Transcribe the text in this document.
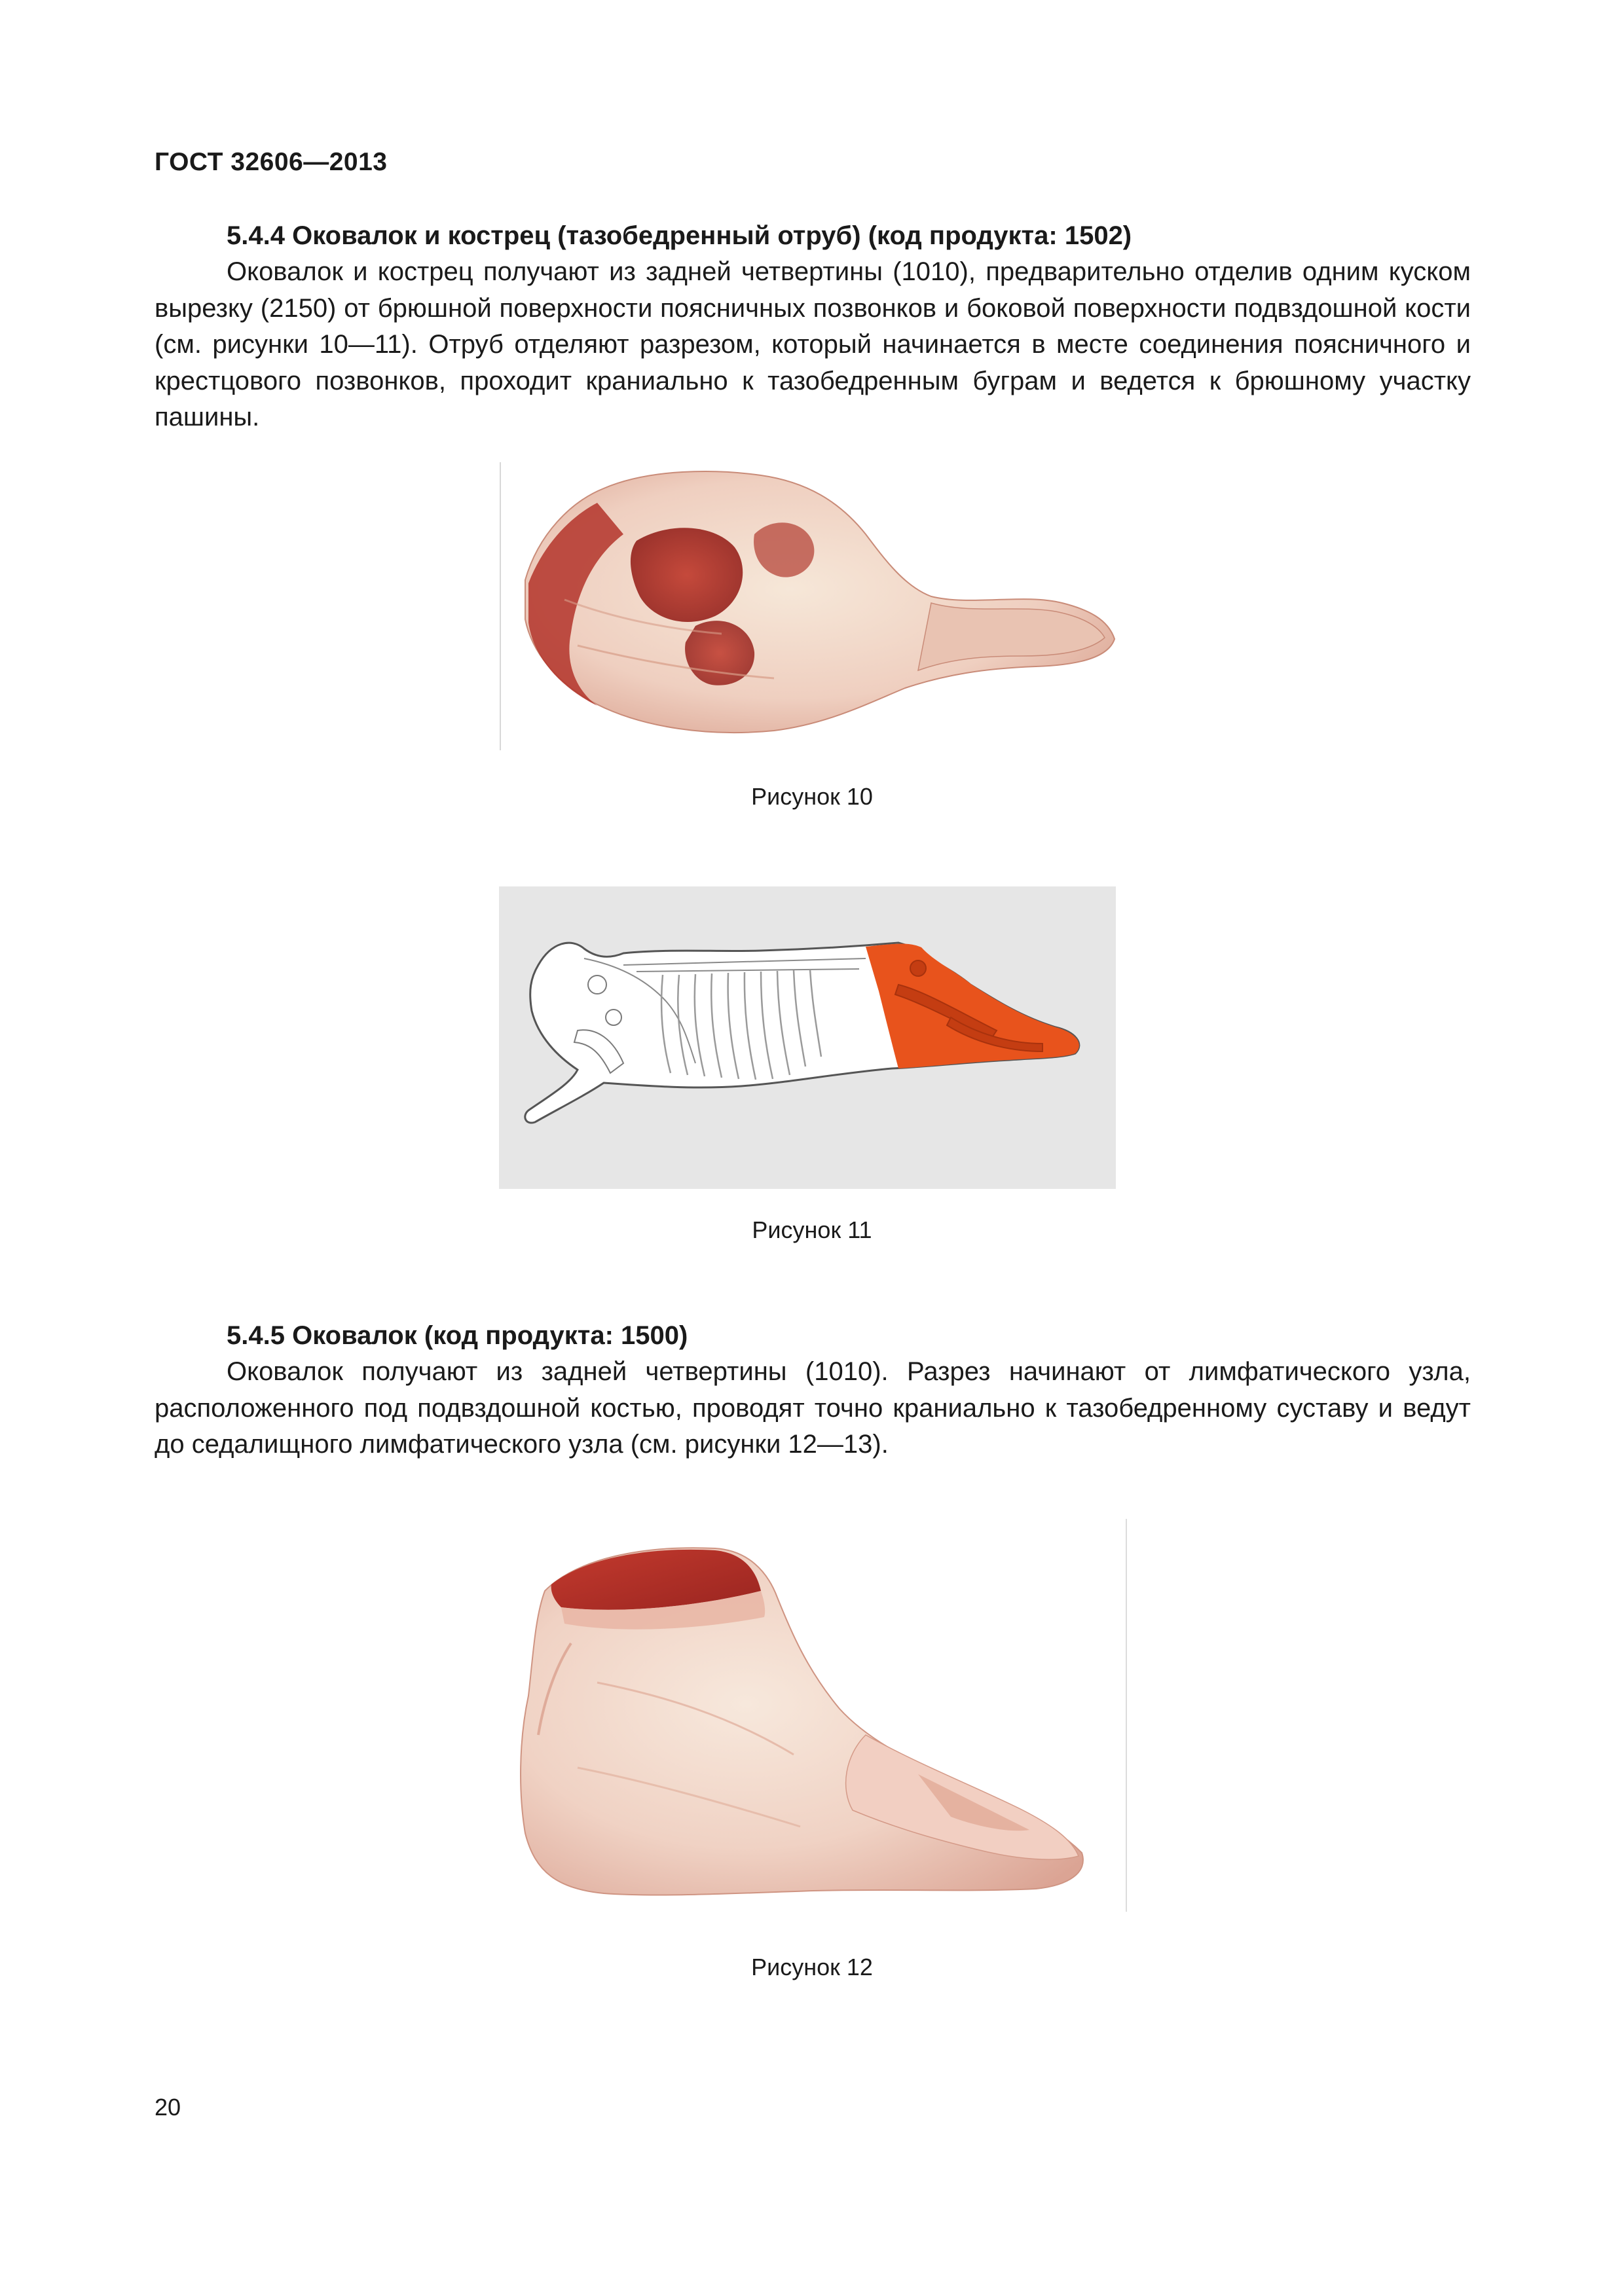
ГОСТ 32606—2013
5.4.4 Оковалок и кострец (тазобедренный отруб) (код продукта: 1502)

Оковалок и кострец получают из задней четвертины (1010), предварительно отделив одним куском вырезку (2150) от брюшной поверхности поясничных позвонков и боковой поверхности подвздошной кости (см. рисунки 10—11). Отруб отделяют разрезом, который начинается в месте соединения поясничного и крестцового позвонков, проходит краниально к тазобедренным буграм и ведется к брюшному участку пашины.

Рисунок 10
Рисунок 11
5.4.5 Оковалок (код продукта: 1500)

Оковалок получают из задней четвертины (1010). Разрез начинают от лимфатического узла, расположенного под подвздошной костью, проводят точно краниально к тазобедренному суставу и ведут до седалищного лимфатического узла (см. рисунки 12—13).

Рисунок 12
20
